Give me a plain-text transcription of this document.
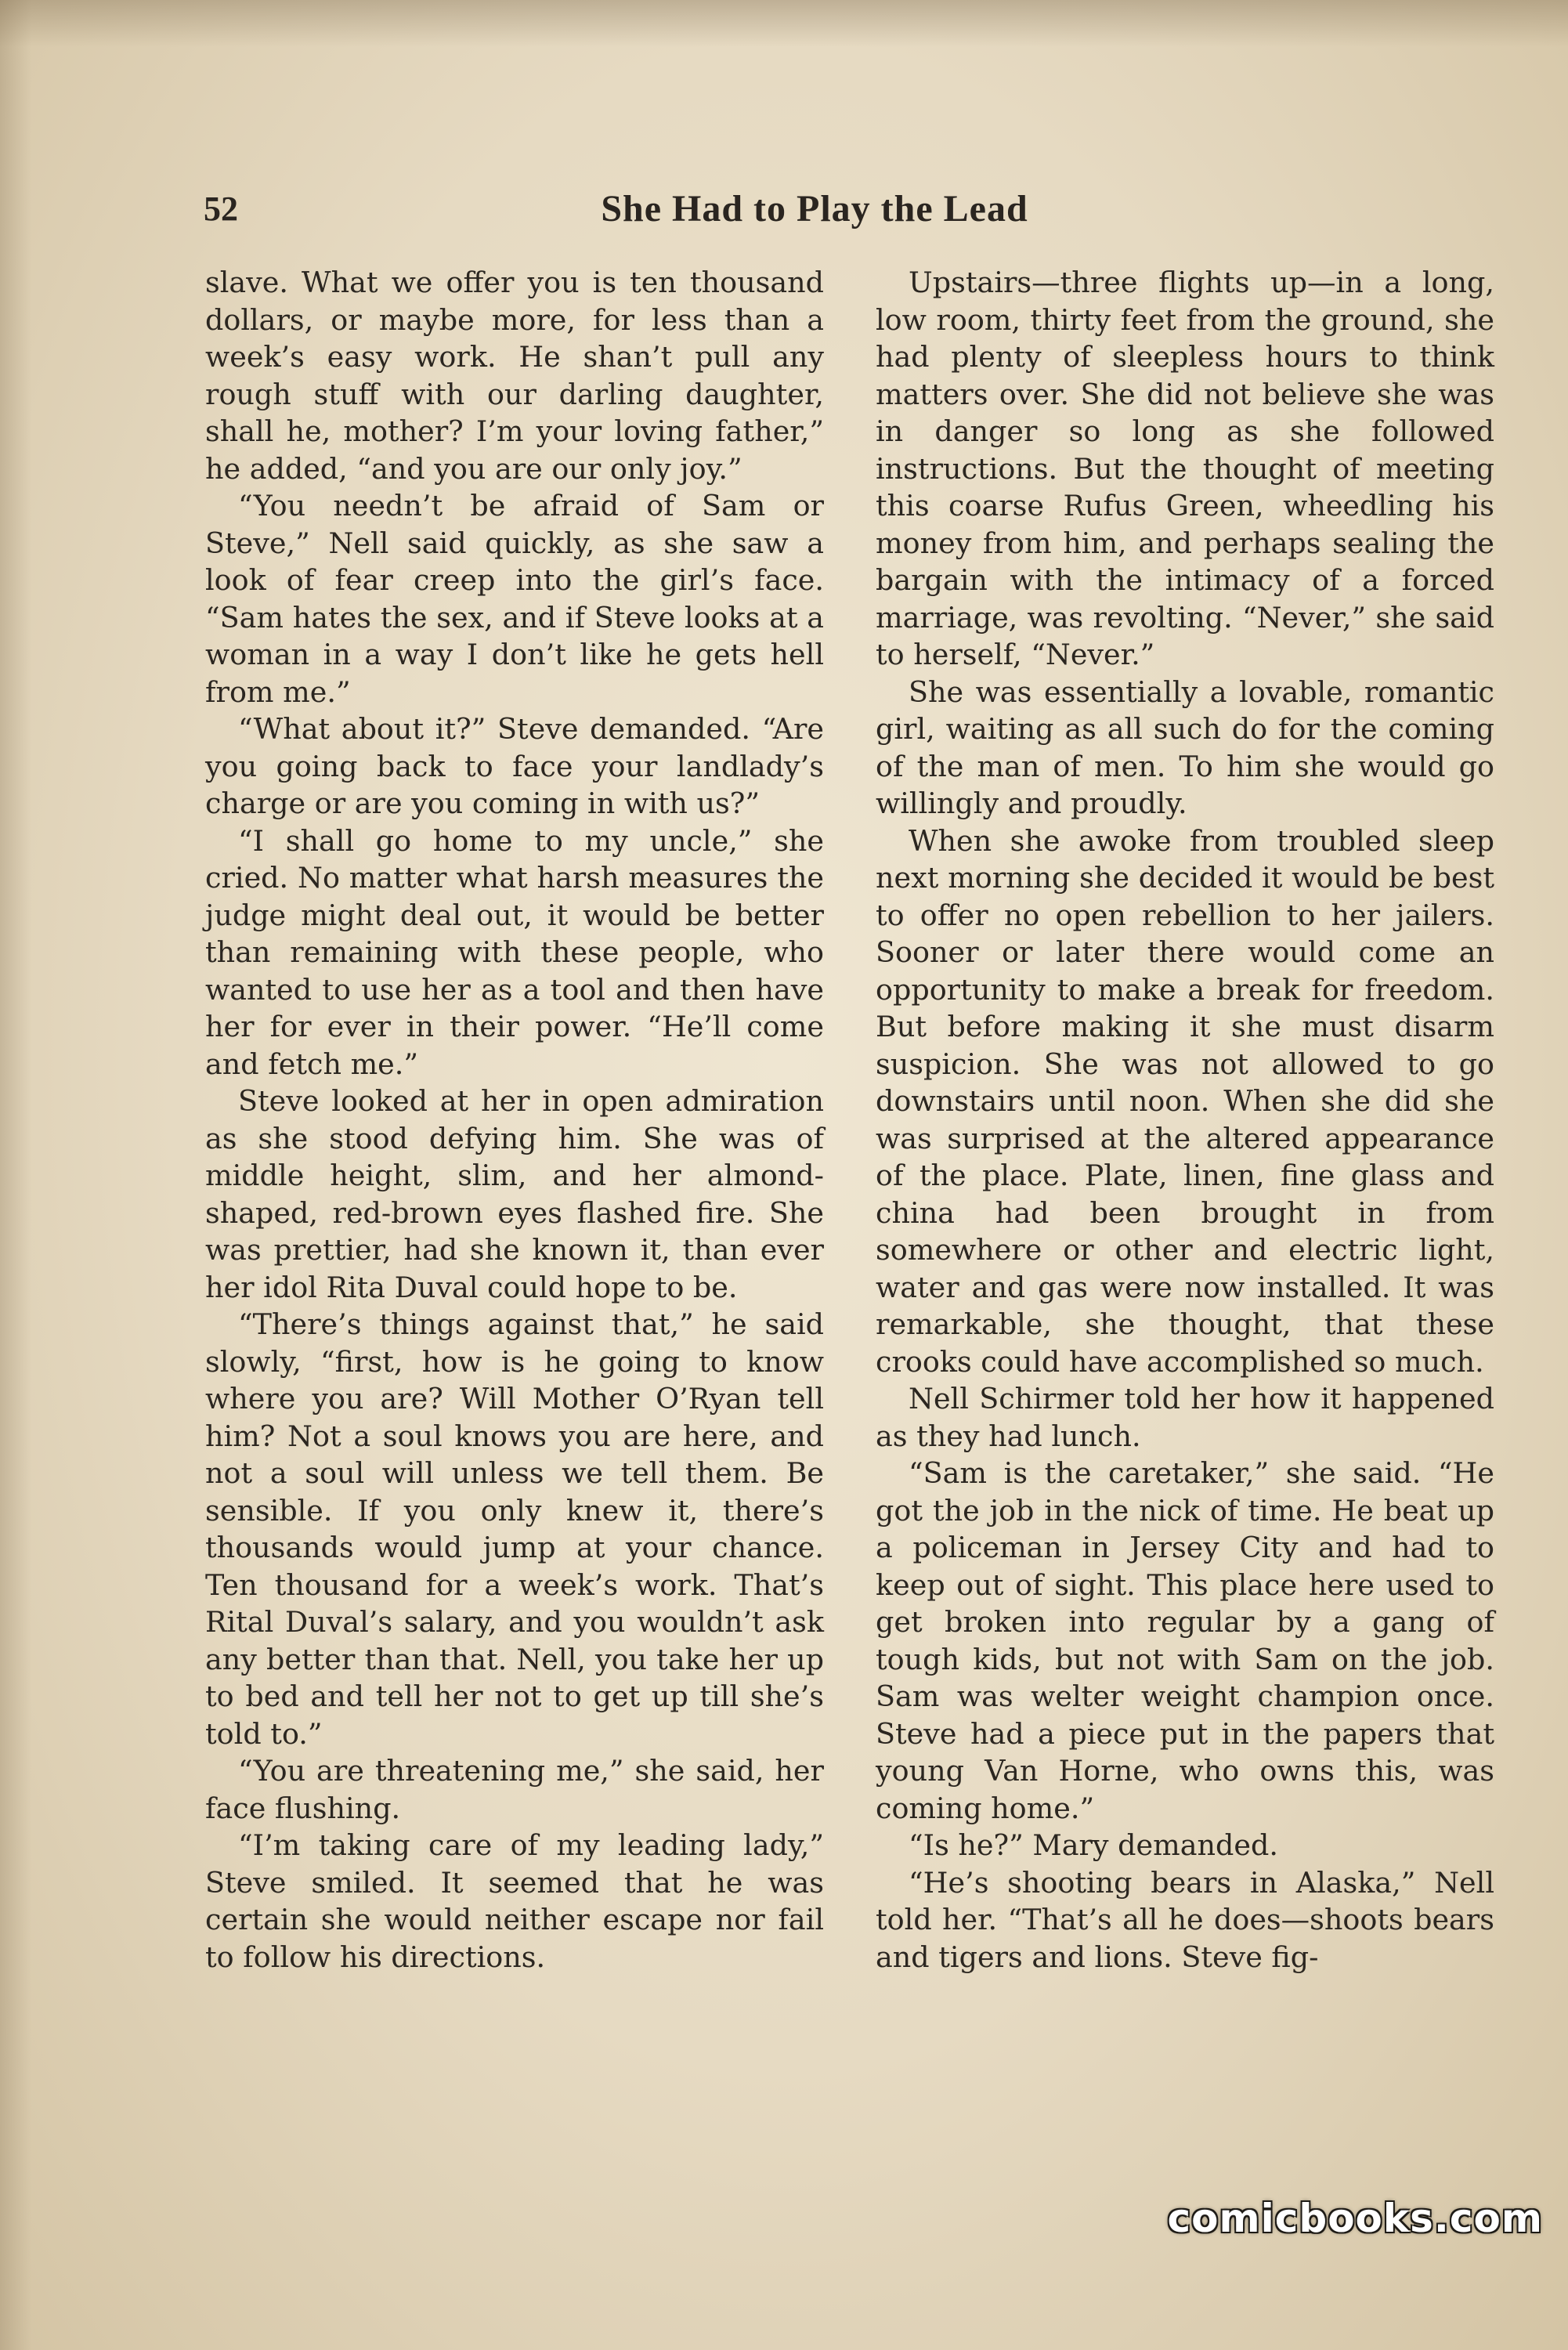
52	She Had to Play the Lead

slave. What we offer you is ten thousand dollars, or maybe more, for less than a week’s easy work. He shan’t pull any rough stuff with our darling daughter, shall he, mother? I’m your loving father,” he added, “and you are our only joy.”

“You needn’t be afraid of Sam or Steve,” Nell said quickly, as she saw a look of fear creep into the girl’s face. “Sam hates the sex, and if Steve looks at a woman in a way I don’t like he gets hell from me.”

“What about it?” Steve demanded. “Are you going back to face your landlady’s charge or are you coming in with us?”

“I shall go home to my uncle,” she cried. No matter what harsh measures the judge might deal out, it would be better than remaining with these people, who wanted to use her as a tool and then have her for ever in their power. “He’ll come and fetch me.”

Steve looked at her in open admiration as she stood defying him. She was of middle height, slim, and her almond-shaped, red-brown eyes flashed fire. She was prettier, had she known it, than ever her idol Rita Duval could hope to be.

“There’s things against that,” he said slowly, “first, how is he going to know where you are? Will Mother O’Ryan tell him? Not a soul knows you are here, and not a soul will unless we tell them. Be sensible. If you only knew it, there’s thousands would jump at your chance. Ten thousand for a week’s work. That’s Rital Duval’s salary, and you wouldn’t ask any better than that. Nell, you take her up to bed and tell her not to get up till she’s told to.”

“You are threatening me,” she said, her face flushing.

“I’m taking care of my leading lady,” Steve smiled. It seemed that he was certain she would neither escape nor fail to follow his directions.

Upstairs—three flights up—in a long, low room, thirty feet from the ground, she had plenty of sleepless hours to think matters over. She did not believe she was in danger so long as she followed instructions. But the thought of meeting this coarse Rufus Green, wheedling his money from him, and perhaps sealing the bargain with the intimacy of a forced marriage, was revolting. “Never,” she said to herself, “Never.”

She was essentially a lovable, romantic girl, waiting as all such do for the coming of the man of men. To him she would go willingly and proudly.

When she awoke from troubled sleep next morning she decided it would be best to offer no open rebellion to her jailers. Sooner or later there would come an opportunity to make a break for freedom. But before making it she must disarm suspicion. She was not allowed to go downstairs until noon. When she did she was surprised at the altered appearance of the place. Plate, linen, fine glass and china had been brought in from somewhere or other and electric light, water and gas were now installed. It was remarkable, she thought, that these crooks could have accomplished so much.

Nell Schirmer told her how it happened as they had lunch.

“Sam is the caretaker,” she said. “He got the job in the nick of time. He beat up a policeman in Jersey City and had to keep out of sight. This place here used to get broken into regular by a gang of tough kids, but not with Sam on the job. Sam was welter weight champion once. Steve had a piece put in the papers that young Van Horne, who owns this, was coming home.”

“Is he?” Mary demanded.

“He’s shooting bears in Alaska,” Nell told her. “That’s all he does—shoots bears and tigers and lions. Steve fig-

comicbooks.com
